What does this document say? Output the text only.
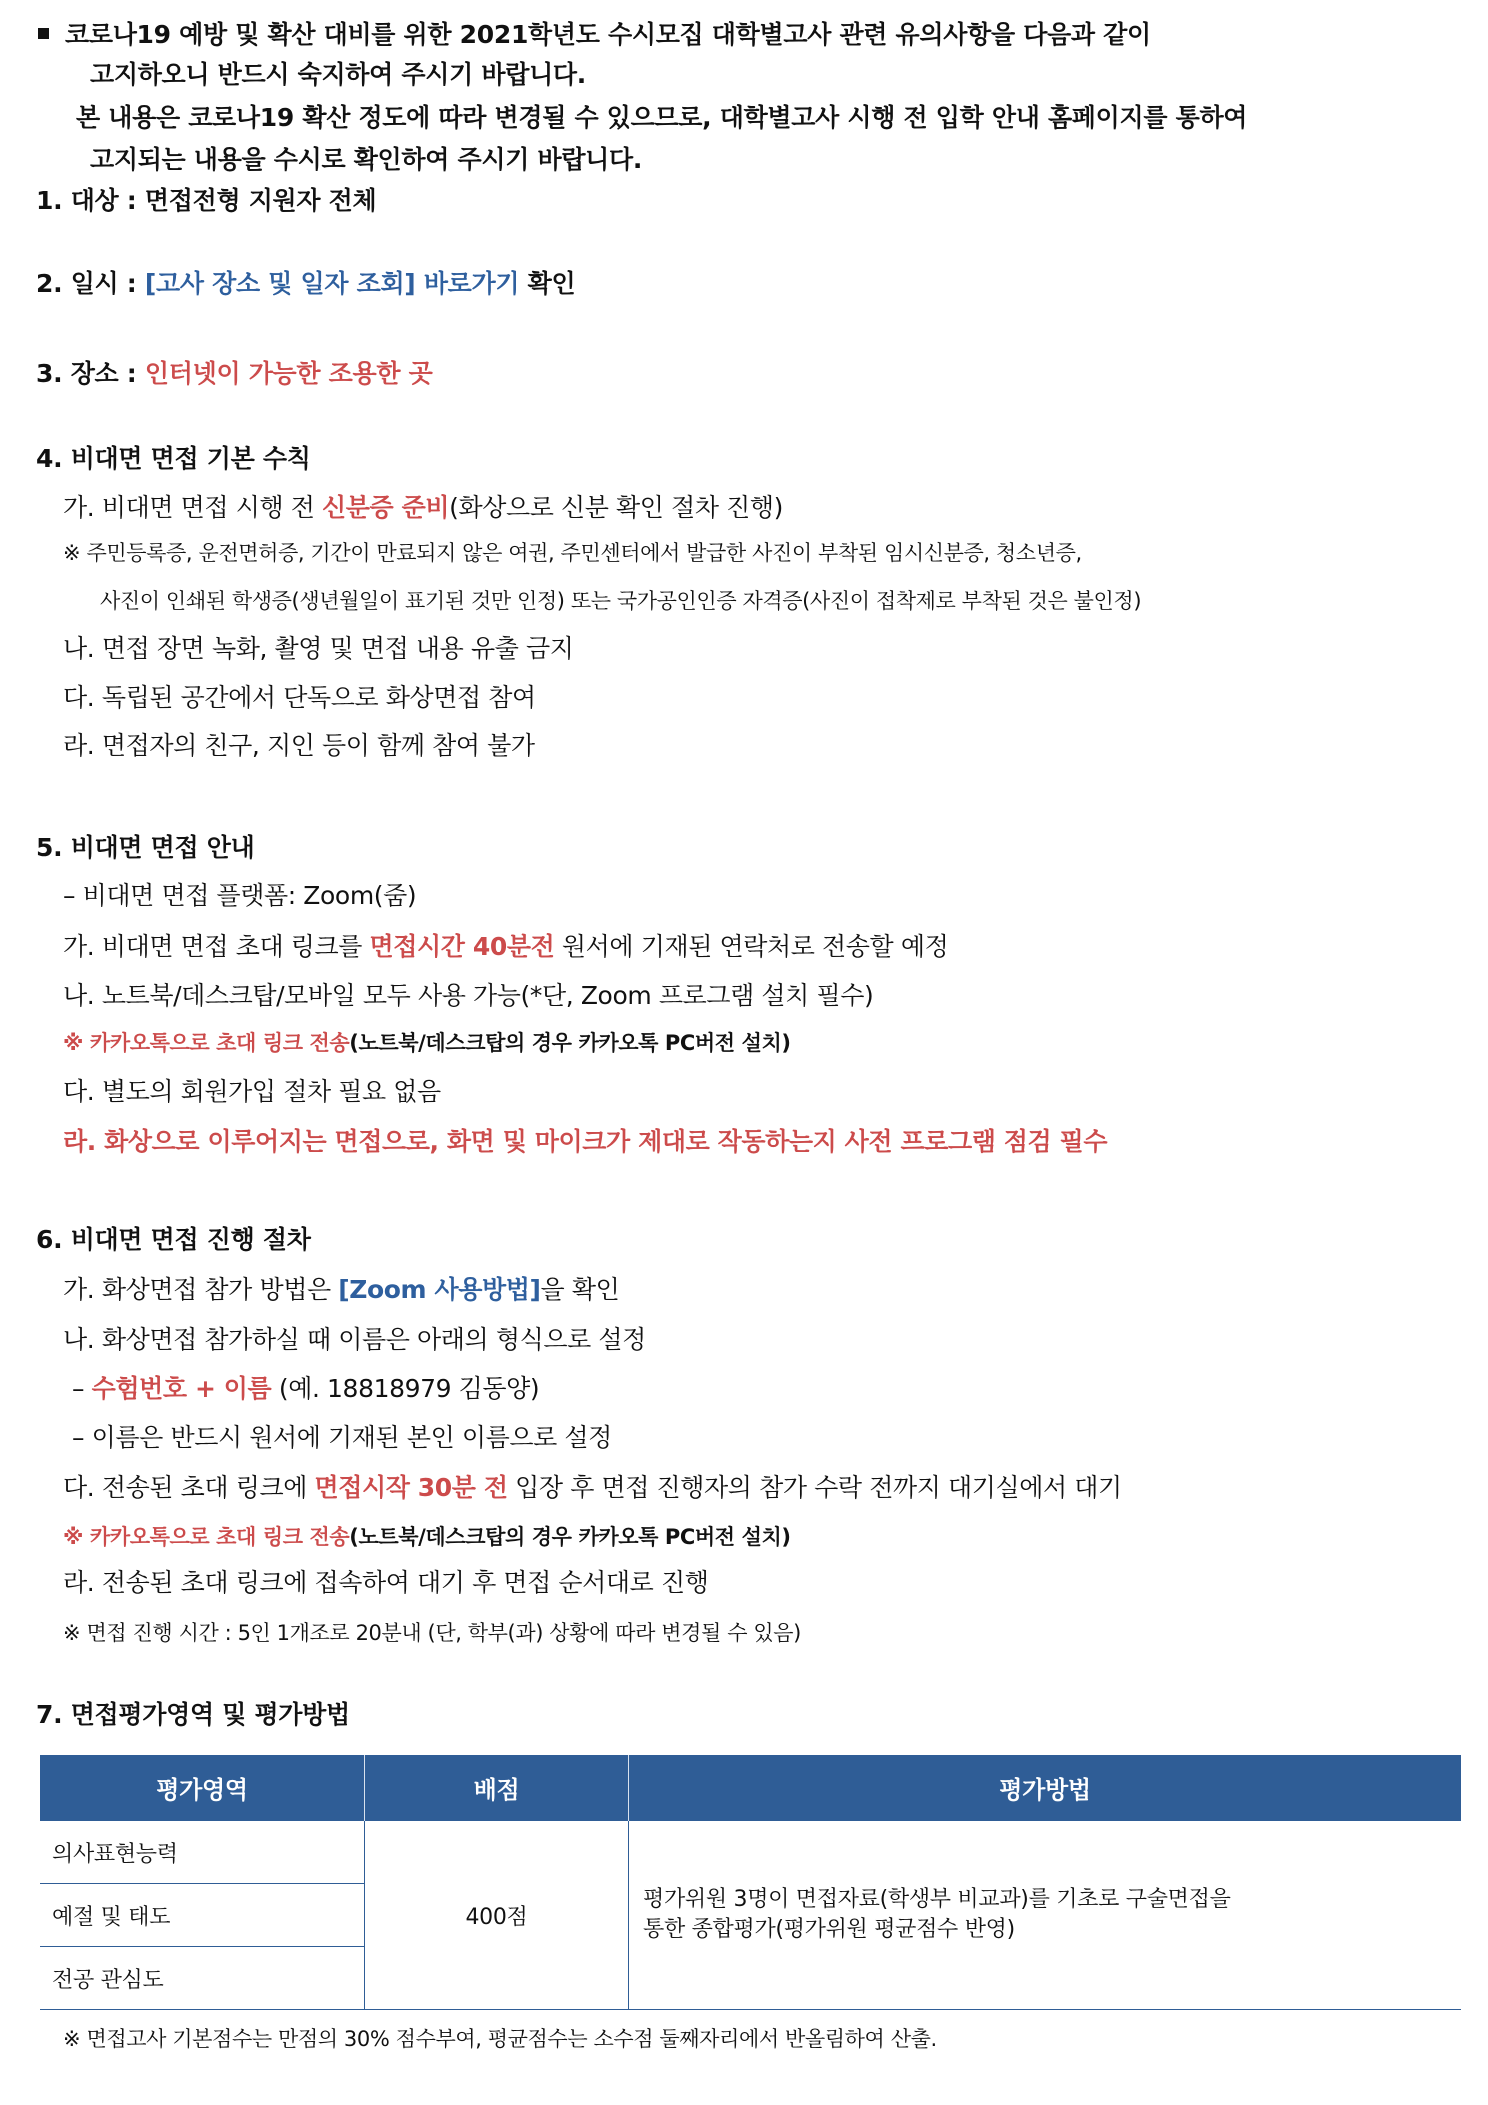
코로나19 예방 및 확산 대비를 위한 2021학년도 수시모집 대학별고사 관련 유의사항을 다음과 같이
고지하오니 반드시 숙지하여 주시기 바랍니다.
본 내용은 코로나19 확산 정도에 따라 변경될 수 있으므로, 대학별고사 시행 전 입학 안내 홈페이지를 통하여
고지되는 내용을 수시로 확인하여 주시기 바랍니다.
1. 대상 : 면접전형 지원자 전체
2. 일시 : [고사 장소 및 일자 조회] 바로가기 확인
3. 장소 : 인터넷이 가능한 조용한 곳
4. 비대면 면접 기본 수칙
가. 비대면 면접 시행 전 신분증 준비(화상으로 신분 확인 절차 진행)
※ 주민등록증, 운전면허증, 기간이 만료되지 않은 여권, 주민센터에서 발급한 사진이 부착된 임시신분증, 청소년증,
사진이 인쇄된 학생증(생년월일이 표기된 것만 인정) 또는 국가공인인증 자격증(사진이 접착제로 부착된 것은 불인정)
나. 면접 장면 녹화, 촬영 및 면접 내용 유출 금지
다. 독립된 공간에서 단독으로 화상면접 참여
라. 면접자의 친구, 지인 등이 함께 참여 불가
5. 비대면 면접 안내
– 비대면 면접 플랫폼: Zoom(줌)
가. 비대면 면접 초대 링크를 면접시간 40분전 원서에 기재된 연락처로 전송할 예정
나. 노트북/데스크탑/모바일 모두 사용 가능(*단, Zoom 프로그램 설치 필수)
※ 카카오톡으로 초대 링크 전송(노트북/데스크탑의 경우 카카오톡 PC버전 설치)
다. 별도의 회원가입 절차 필요 없음
라. 화상으로 이루어지는 면접으로, 화면 및 마이크가 제대로 작동하는지 사전 프로그램 점검 필수
6. 비대면 면접 진행 절차
가. 화상면접 참가 방법은 [Zoom 사용방법]을 확인
나. 화상면접 참가하실 때 이름은 아래의 형식으로 설정
– 수험번호 + 이름 (예. 18818979 김동양)
– 이름은 반드시 원서에 기재된 본인 이름으로 설정
다. 전송된 초대 링크에 면접시작 30분 전 입장 후 면접 진행자의 참가 수락 전까지 대기실에서 대기
※ 카카오톡으로 초대 링크 전송(노트북/데스크탑의 경우 카카오톡 PC버전 설치)
라. 전송된 초대 링크에 접속하여 대기 후 면접 순서대로 진행
※ 면접 진행 시간 : 5인 1개조로 20분내 (단, 학부(과) 상황에 따라 변경될 수 있음)
7. 면접평가영역 및 평가방법
평가영역	배점	평가방법
의사표현능력	400점	평가위원 3명이 면접자료(학생부 비교과)를 기초로 구술면접을
통한 종합평가(평가위원 평균점수 반영)

예절 및 태도		
전공 관심도		
※ 면접고사 기본점수는 만점의 30% 점수부여, 평균점수는 소수점 둘째자리에서 반올림하여 산출.
